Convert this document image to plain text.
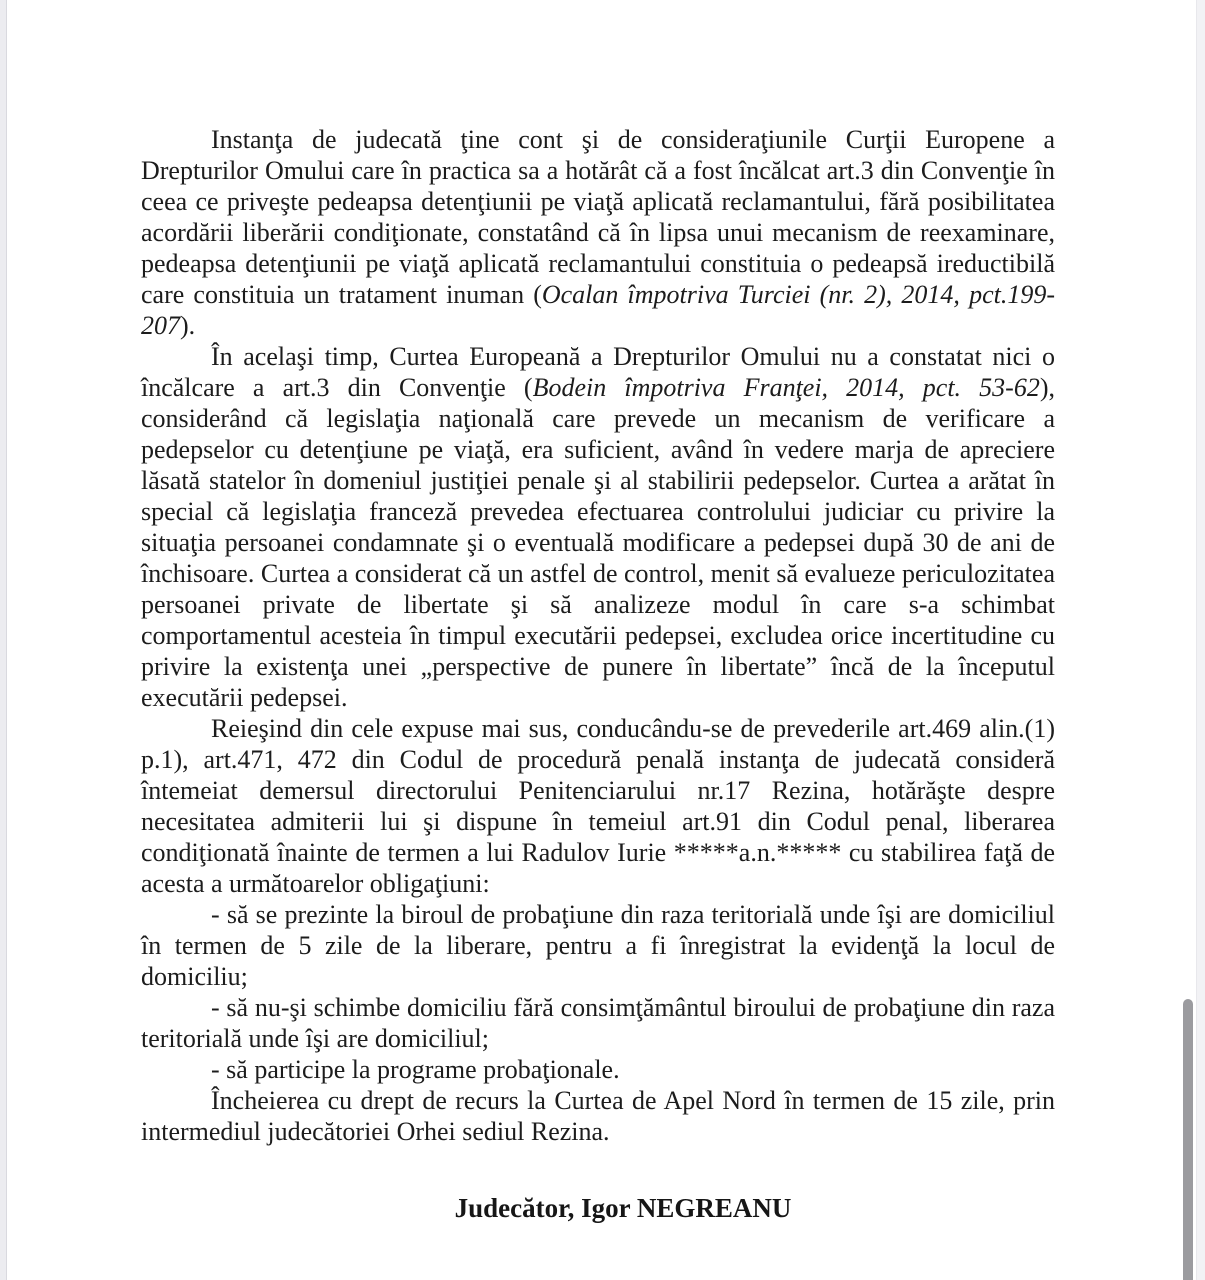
Instanţa de judecată ţine cont şi de consideraţiunile Curţii Europene a Drepturilor Omului care în practica sa a hotărât că a fost încălcat art.3 din Convenţie în ceea ce priveşte pedeapsa detenţiunii pe viaţă aplicată reclamantului, fără posibilitatea acordării liberării condiţionate, constatând că în lipsa unui mecanism de reexaminare, pedeapsa detenţiunii pe viaţă aplicată reclamantului constituia o pedeapsă ireductibilă care constituia un tratament inuman (Ocalan împotriva Turciei (nr. 2), 2014, pct.199-207).

În acelaşi timp, Curtea Europeană a Drepturilor Omului nu a constatat nici o încălcare a art.3 din Convenţie (Bodein împotriva Franţei, 2014, pct. 53-62), considerând că legislaţia naţională care prevede un mecanism de verificare a pedepselor cu detenţiune pe viaţă, era suficient, având în vedere marja de apreciere lăsată statelor în domeniul justiţiei penale şi al stabilirii pedepselor. Curtea a arătat în special că legislaţia franceză prevedea efectuarea controlului judiciar cu privire la situaţia persoanei condamnate şi o eventuală modificare a pedepsei după 30 de ani de închisoare. Curtea a considerat că un astfel de control, menit să evalueze periculozitatea persoanei private de libertate şi să analizeze modul în care s-a schimbat comportamentul acesteia în timpul executării pedepsei, excludea orice incertitudine cu privire la existenţa unei „perspective de punere în libertate” încă de la începutul executării pedepsei.

Reieşind din cele expuse mai sus, conducându-se de prevederile art.469 alin.(1) p.1), art.471, 472 din Codul de procedură penală instanţa de judecată consideră întemeiat demersul directorului Penitenciarului nr.17 Rezina, hotărăşte despre necesitatea admiterii lui şi dispune în temeiul art.91 din Codul penal, liberarea condiţionată înainte de termen a lui Radulov Iurie *****a.n.***** cu stabilirea faţă de acesta a următoarelor obligaţiuni:

- să se prezinte la biroul de probaţiune din raza teritorială unde îşi are domiciliul în termen de 5 zile de la liberare, pentru a fi înregistrat la evidenţă la locul de domiciliu;

- să nu-şi schimbe domiciliu fără consimţământul biroului de probaţiune din raza teritorială unde îşi are domiciliul;

- să participe la programe probaţionale.

Încheierea cu drept de recurs la Curtea de Apel Nord în termen de 15 zile, prin intermediul judecătoriei Orhei sediul Rezina.

Judecător, Igor NEGREANU
